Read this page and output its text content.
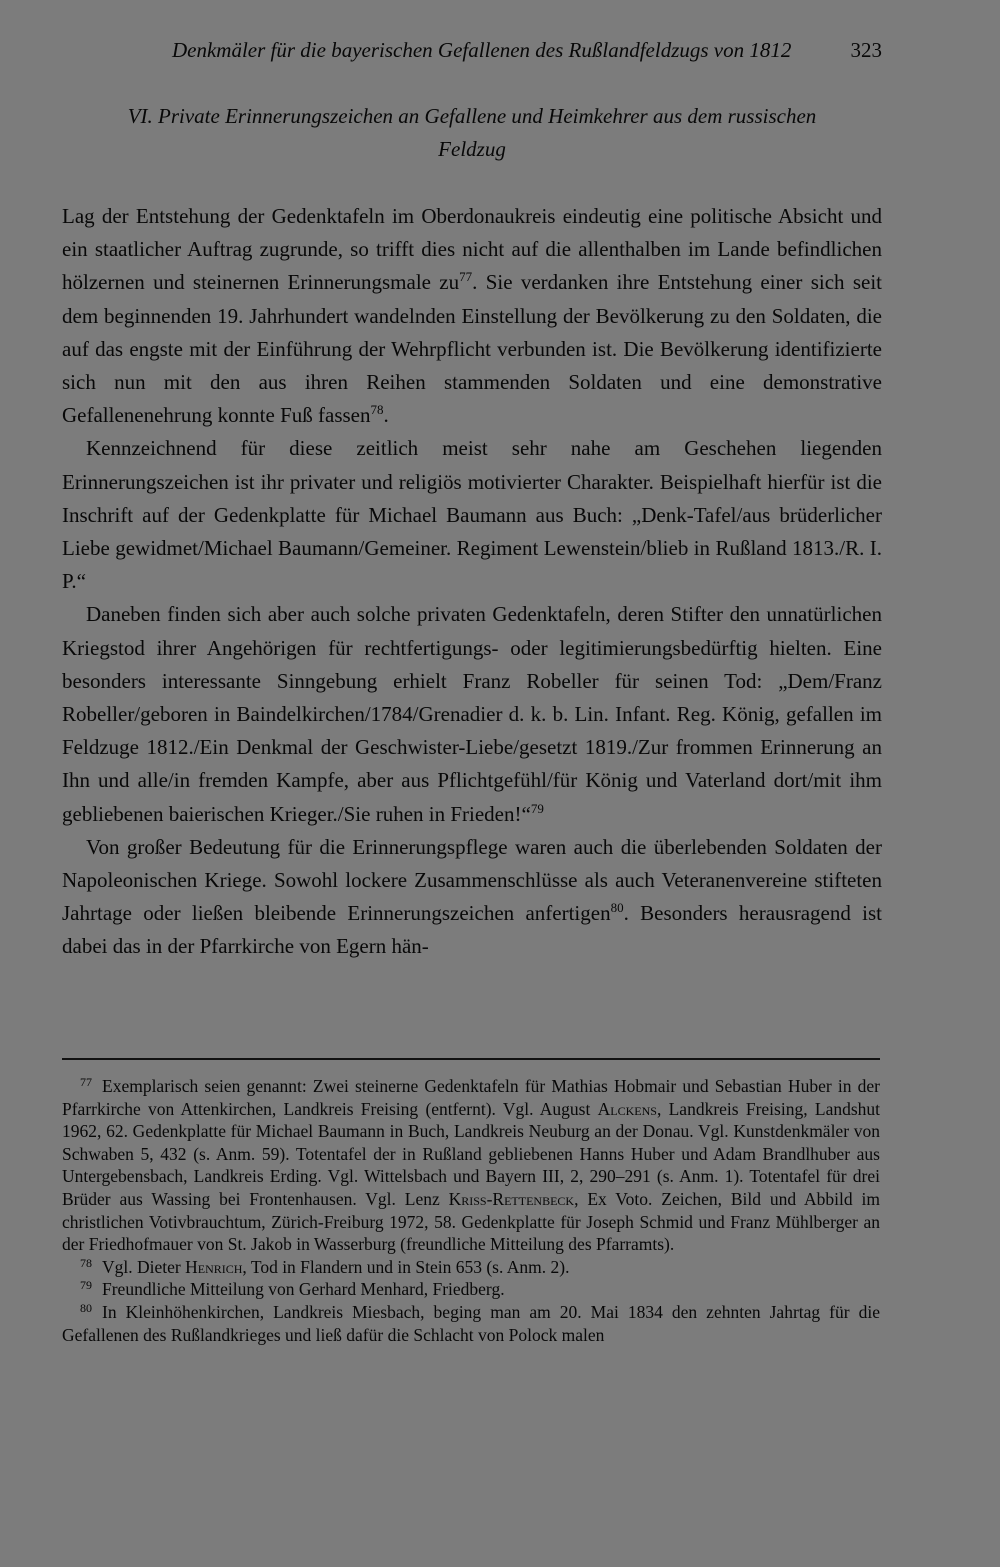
Denkmäler für die bayerischen Gefallenen des Rußlandfeldzugs von 1812	323
VI. Private Erinnerungszeichen an Gefallene und Heimkehrer aus dem russischen
Feldzug

Lag der Entstehung der Gedenktafeln im Oberdonaukreis eindeutig eine politische Absicht und ein staatlicher Auftrag zugrunde, so trifft dies nicht auf die allenthalben im Lande befindlichen hölzernen und steinernen Erinnerungsmale $zu^{77}$. Sie verdanken ihre Entstehung einer sich seit dem beginnenden 19. Jahrhundert wandelnden Einstellung der Bevölkerung zu den Soldaten, die auf das engste mit der Einführung der Wehrpflicht verbunden ist. Die Bevölkerung identifizierte sich nun mit den aus ihren Reihen stammenden Soldaten und eine demonstrative Gefallenenehrung konnte Fuß fassen$^{78}$.

Kennzeichnend für diese zeitlich meist sehr nahe am Geschehen liegenden Erinnerungszeichen ist ihr privater und religiös motivierter Charakter. Beispielhaft hierfür ist die Inschrift auf der Gedenkplatte für Michael Baumann aus Buch: „Denk-Tafel/aus brüderlicher Liebe gewidmet/Michael Baumann/Gemeiner. Regiment Lewenstein/blieb in Rußland 1813./R. I. P.“

Daneben finden sich aber auch solche privaten Gedenktafeln, deren Stifter den unnatürlichen Kriegstod ihrer Angehörigen für rechtfertigungs- oder legitimierungsbedürftig hielten. Eine besonders interessante Sinngebung erhielt Franz Robeller für seinen Tod: „Dem/Franz Robeller/geboren in Baindelkirchen/1784/Grenadier d. k. b. Lin. Infant. Reg. König, gefallen im Feldzuge 1812./Ein Denkmal der Geschwister-Liebe/gesetzt 1819./Zur frommen Erinnerung an Ihn und alle/in fremden Kampfe, aber aus Pflichtgefühl/für König und Vaterland dort/mit ihm gebliebenen baierischen Krieger./Sie ruhen in Frieden!“$^{79}$

Von großer Bedeutung für die Erinnerungspflege waren auch die überlebenden Soldaten der Napoleonischen Kriege. Sowohl lockere Zusammenschlüsse als auch Veteranenvereine stifteten Jahrtage oder ließen bleibende Erinnerungszeichen anfertigen$^{80}$. Besonders herausragend ist dabei das in der Pfarrkirche von Egern hän-

$^{77}$ Exemplarisch seien genannt: Zwei steinerne Gedenktafeln für Mathias Hobmair und Sebastian Huber in der Pfarrkirche von Attenkirchen, Landkreis Freising (entfernt). Vgl. August Alckens, Landkreis Freising, Landshut 1962, 62. Gedenkplatte für Michael Baumann in Buch, Landkreis Neuburg an der Donau. Vgl. Kunstdenkmäler von Schwaben 5, 432 (s. Anm. 59). Totentafel der in Rußland gebliebenen Hanns Huber und Adam Brandlhuber aus Untergebensbach, Landkreis Erding. Vgl. Wittelsbach und Bayern III, 2, 290–291 (s. Anm. 1). Totentafel für drei Brüder aus Wassing bei Frontenhausen. Vgl. Lenz Kriss-Rettenbeck, Ex Voto. Zeichen, Bild und Abbild im christlichen Votivbrauchtum, Zürich-Freiburg 1972, 58. Gedenkplatte für Joseph Schmid und Franz Mühlberger an der Friedhofmauer von St. Jakob in Wasserburg (freundliche Mitteilung des Pfarramts).

$^{78}$ Vgl. Dieter Henrich, Tod in Flandern und in Stein 653 (s. Anm. 2).

$^{79}$ Freundliche Mitteilung von Gerhard Menhard, Friedberg.

$^{80}$ In Kleinhöhenkirchen, Landkreis Miesbach, beging man am 20. Mai 1834 den zehnten Jahrtag für die Gefallenen des Rußlandkrieges und ließ dafür die Schlacht von Polock malen
